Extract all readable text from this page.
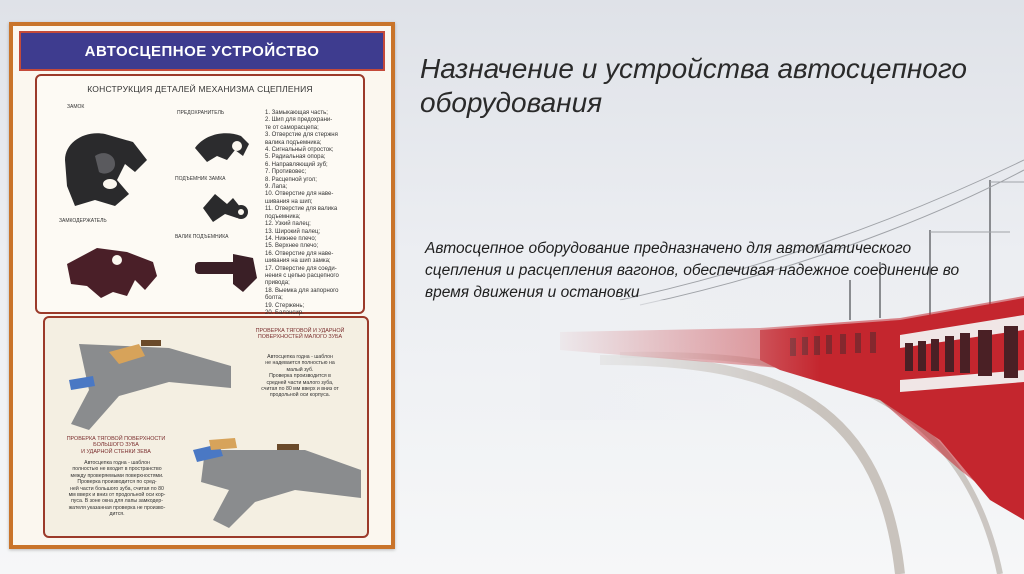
АВТОСЦЕПНОЕ УСТРОЙСТВО
КОНСТРУКЦИЯ ДЕТАЛЕЙ МЕХАНИЗМА СЦЕПЛЕНИЯ
ЗАМОК
ПРЕДОХРАНИТЕЛЬ
ЗАМКОДЕРЖАТЕЛЬ
ПОДЪЕМНИК ЗАМКА
ВАЛИК ПОДЪЕМНИКА
1. Замыкающая часть;
2. Шип для предохрани-
те от саморасцепа;
3. Отверстие для стержня
валика подъемника;
4. Сигнальный отросток;
5. Радиальная опора;
6. Направляющий зуб;
7. Противовес;
8. Расцепной угол;
9. Лапа;
10. Отверстие для наве-
шивания на шип;
11. Отверстие для валика
подъемника;
12. Узкий палец;
13. Широкий палец;
14. Нижнее плечо;
15. Верхнее плечо;
16. Отверстие для наве-
шивания на шип замка;
17. Отверстие для соеди-
нения с цепью расцепного
привода;
18. Выемка для запорного
болта;
19. Стержень;
20. Балансир.
ПРОВЕРКА ТЯГОВОЙ И УДАРНОЙ
ПОВЕРХНОСТЕЙ МАЛОГО ЗУБА
Автосцепка годна - шаблон
не надевается полностью на
малый зуб.
Проверка производится в
средней части малого зуба,
считая по 80 мм вверх и вниз от
продольной оси корпуса.
ПРОВЕРКА ТЯГОВОЙ ПОВЕРХНОСТИ
БОЛЬШОГО ЗУБА
И УДАРНОЙ СТЕНКИ ЗЕВА
Автосцепка годна - шаблон
полностью не входит в пространство
между проверяемыми поверхностями.
Проверка производится по сред-
ней части большого зуба, считая по 80
мм вверх и вниз от продольной оси кор-
пуса. В зоне окна для лапы замкодер-
жателя указанная проверка не произво-
дится.
Назначение и устройства автосцепного оборудования
Автосцепное оборудование предназначено для автоматического сцепления и расцепления вагонов, обеспечивая надежное соединение во время движения и остановки
